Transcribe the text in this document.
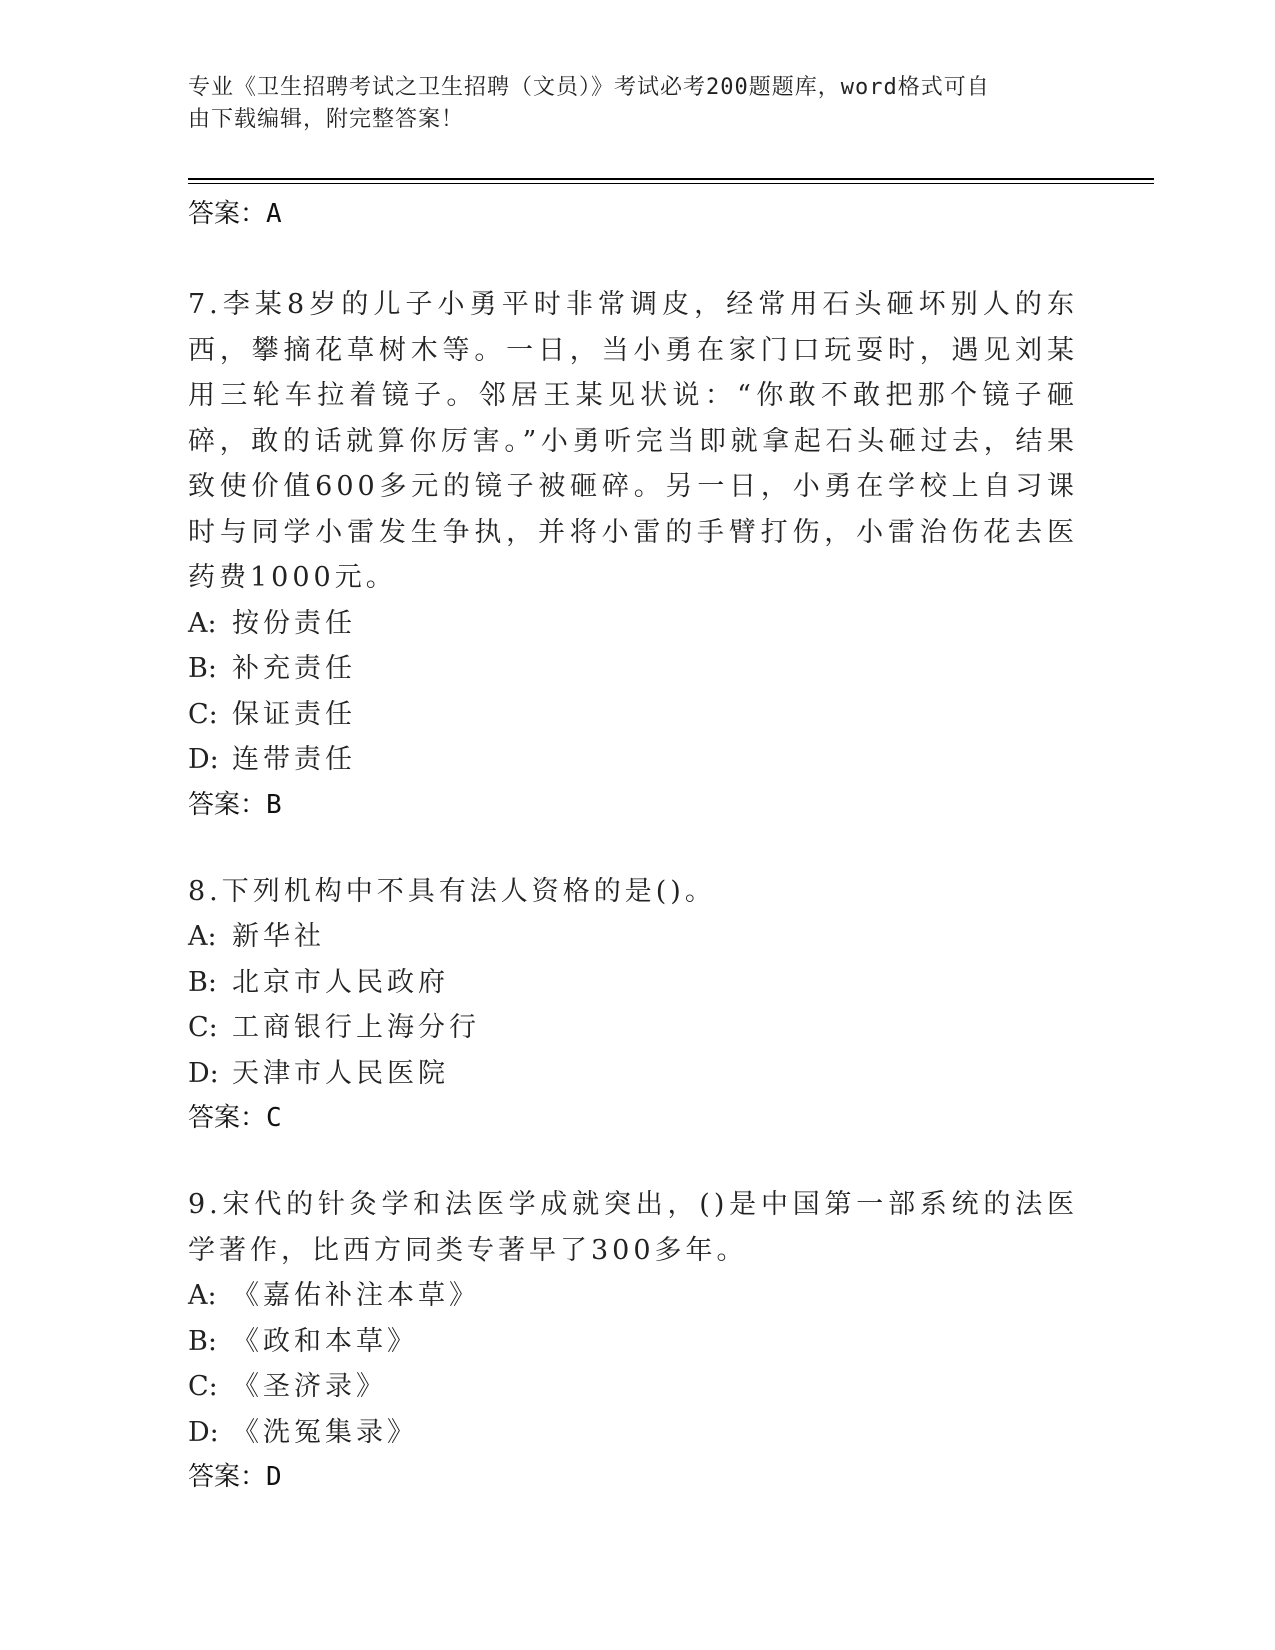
专业《卫生招聘考试之卫生招聘（文员）》考试必考200题题库，word格式可自
由下载编辑，附完整答案！
答案：A
7.李某8岁的儿子小勇平时非常调皮，经常用石头砸坏别人的东西，攀摘花草树木等。一日，当小勇在家门口玩耍时，遇见刘某用三轮车拉着镜子。邻居王某见状说：“你敢不敢把那个镜子砸碎，敢的话就算你厉害。”小勇听完当即就拿起石头砸过去，结果致使价值600多元的镜子被砸碎。另一日，小勇在学校上自习课时与同学小雷发生争执，并将小雷的手臂打伤，小雷治伤花去医药费1000元。
A: 按份责任
B: 补充责任
C: 保证责任
D: 连带责任
答案：B
8.下列机构中不具有法人资格的是()。
A: 新华社
B: 北京市人民政府
C: 工商银行上海分行
D: 天津市人民医院
答案：C
9.宋代的针灸学和法医学成就突出，()是中国第一部系统的法医学著作，比西方同类专著早了300多年。
A: 《嘉佑补注本草》
B: 《政和本草》
C: 《圣济录》
D: 《洗冤集录》
答案：D
